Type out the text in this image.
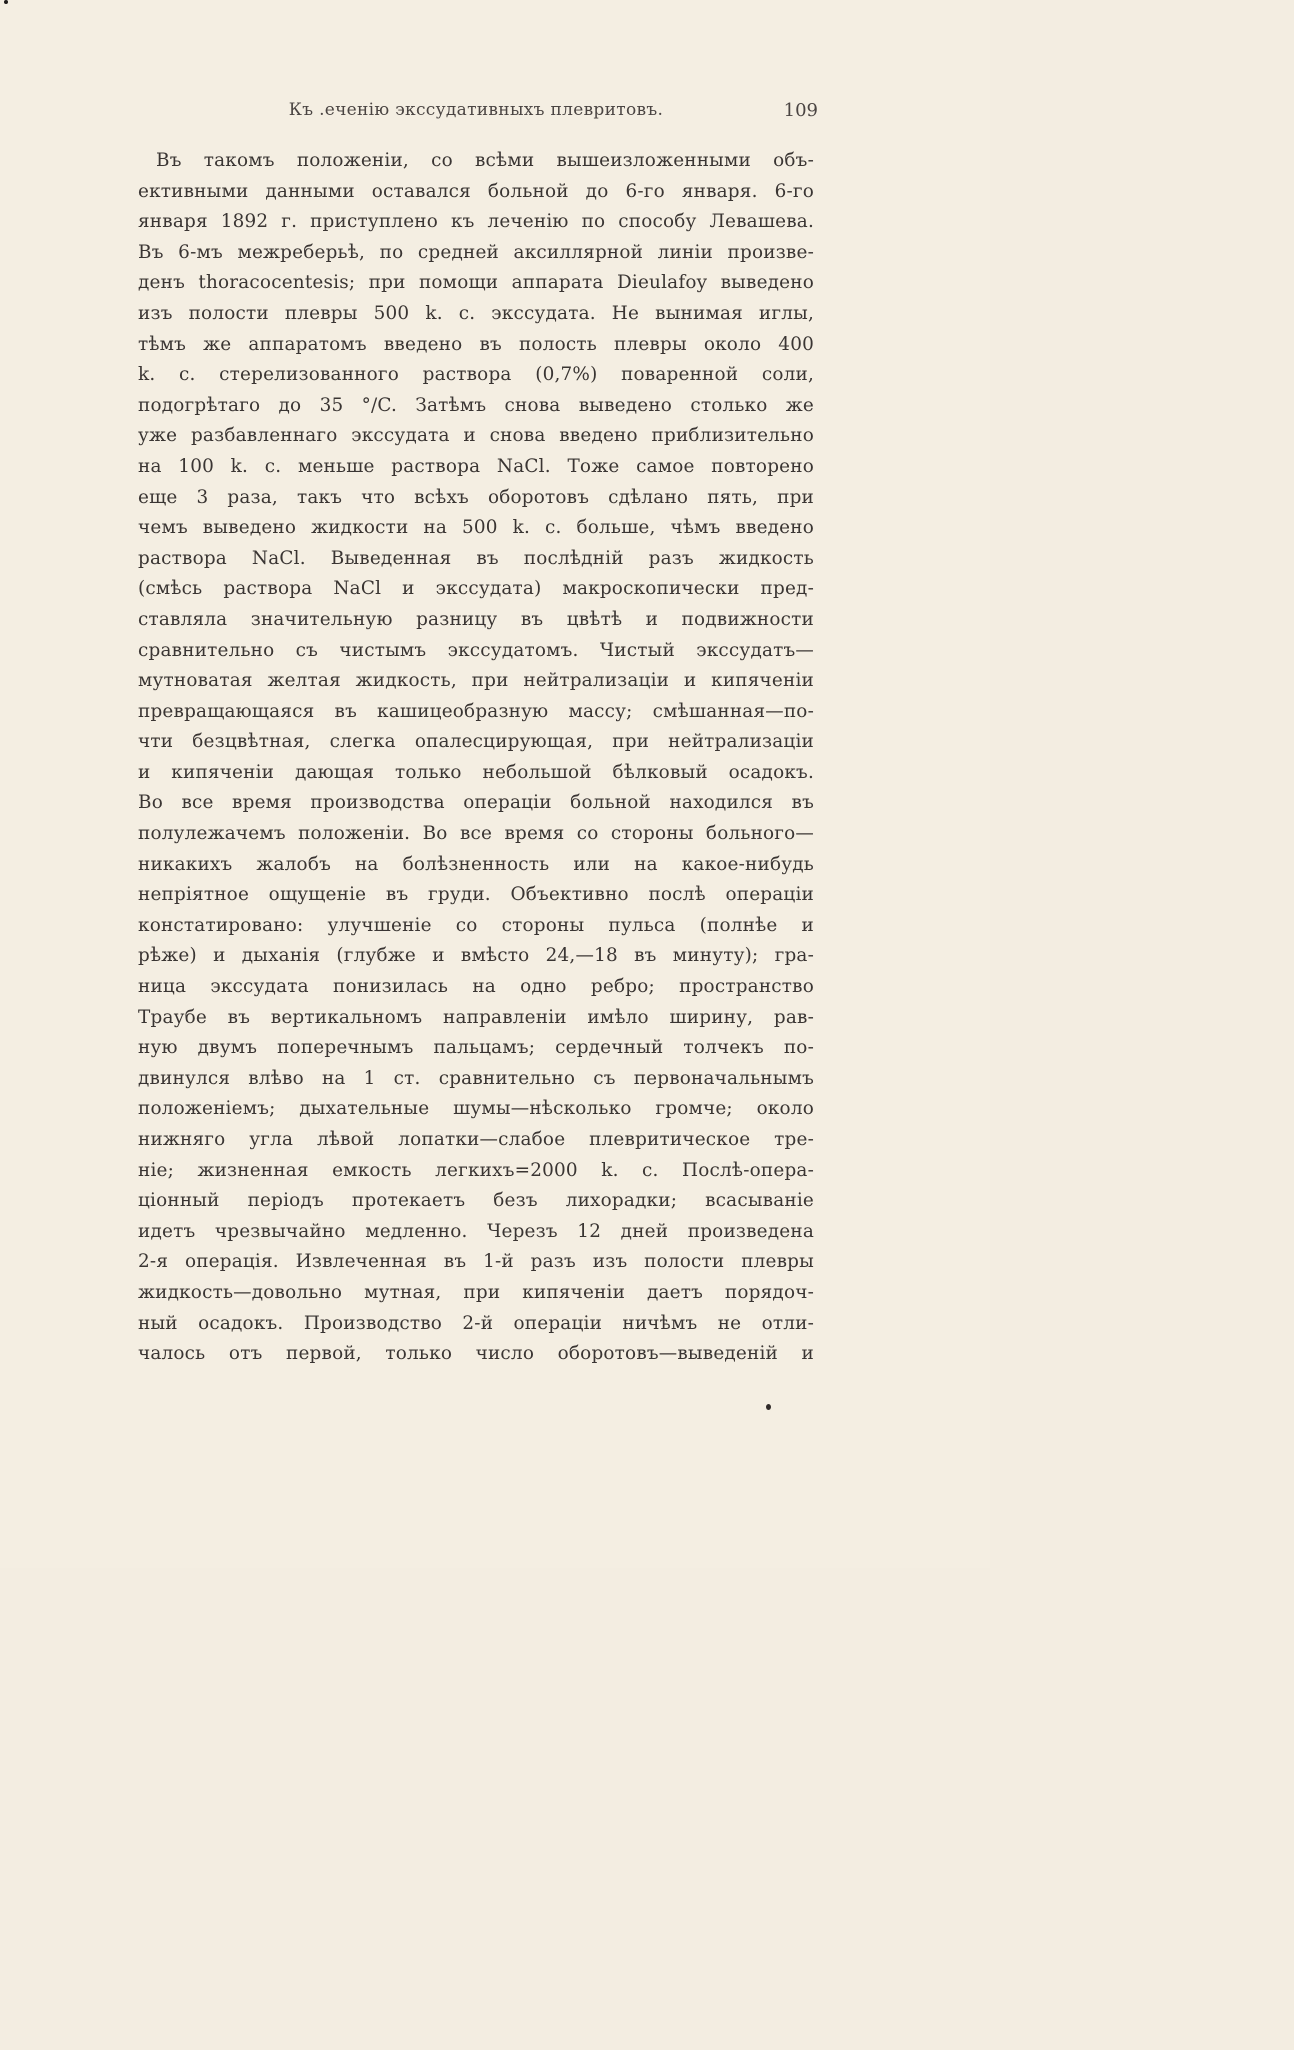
Къ .еченію экссудативныхъ плевритовъ.	109
Въ такомъ положеніи, со всѣми вышеизложенными объ-
ективными данными оставался больной до 6-го января. 6-го
января 1892 г. приступлено къ леченію по способу Левашева.
Въ 6-мъ межреберьѣ, по средней аксиллярной линіи произве-
денъ thoracocentesis; при помощи аппарата Dieulafoy выведено
изъ полости плевры 500 k. c. экссудата. Не вынимая иглы,
тѣмъ же аппаратомъ введено въ полость плевры около 400
k. c. стерелизованного раствора (0,7%) поваренной соли,
подогрѣтаго до 35 °/C. Затѣмъ снова выведено столько же
уже разбавленнаго экссудата и снова введено приблизительно
на 100 k. c. меньше раствора NaCl. Тоже самое повторено
еще 3 раза, такъ что всѣхъ оборотовъ сдѣлано пять, при
чемъ выведено жидкости на 500 k. c. больше, чѣмъ введено
раствора NaCl. Выведенная въ послѣдній разъ жидкость
(смѣсь раствора NaCl и экссудата) макроскопически пред-
ставляла значительную разницу въ цвѣтѣ и подвижности
сравнительно съ чистымъ экссудатомъ. Чистый экссудатъ—
мутноватая желтая жидкость, при нейтрализаціи и кипяченіи
превращающаяся въ кашицеобразную массу; смѣшанная—по-
чти безцвѣтная, слегка опалесцирующая, при нейтрализаціи
и кипяченіи дающая только небольшой бѣлковый осадокъ.
Во все время производства операціи больной находился въ
полулежачемъ положеніи. Во все время со стороны больного—
никакихъ жалобъ на болѣзненность или на какое-нибудь
непріятное ощущеніе въ груди. Объективно послѣ операціи
констатировано: улучшеніе со стороны пульса (полнѣе и
рѣже) и дыханія (глубже и вмѣсто 24,—18 въ минуту); гра-
ница экссудата понизилась на одно ребро; пространство
Траубе въ вертикальномъ направленіи имѣло ширину, рав-
ную двумъ поперечнымъ пальцамъ; сердечный толчекъ по-
двинулся влѣво на 1 ст. сравнительно съ первоначальнымъ
положеніемъ; дыхательные шумы—нѣсколько громче; около
нижняго угла лѣвой лопатки—слабое плевритическое тре-
ніе; жизненная емкость легкихъ=2000 k. c. Послѣ-опера-
ціонный періодъ протекаетъ безъ лихорадки; всасываніе
идетъ чрезвычайно медленно. Черезъ 12 дней произведена
2-я операція. Извлеченная въ 1-й разъ изъ полости плевры
жидкость—довольно мутная, при кипяченіи даетъ порядоч-
ный осадокъ. Производство 2-й операціи ничѣмъ не отли-
чалось отъ первой, только число оборотовъ—выведеній и
